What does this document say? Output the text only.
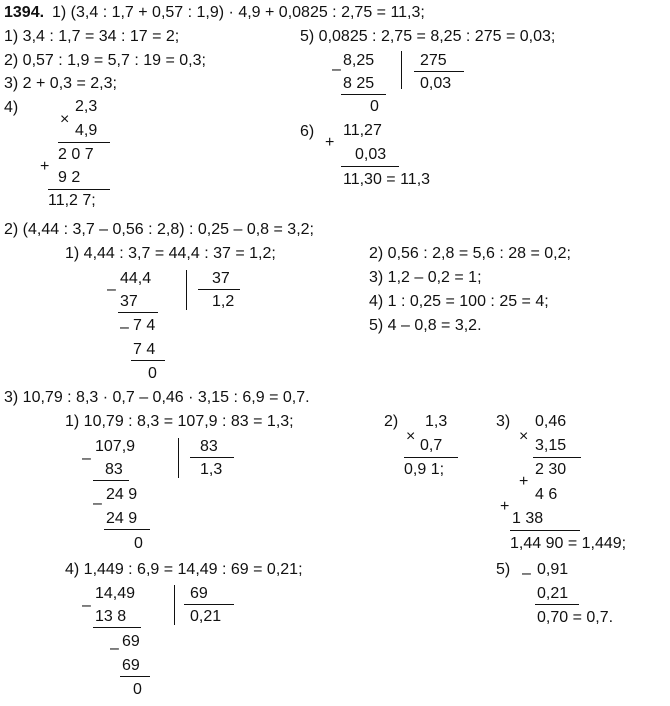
1394. 1) (3,4 : 1,7 + 0,57 : 1,9) · 4,9 + 0,0825 : 2,75 = 11,3;
1) 3,4 : 1,7 = 34 : 17 = 2;
2) 0,57 : 1,9 = 5,7 : 19 = 0,3;
3) 2 + 0,3 = 2,3;
4)
×
2,3
4,9
2 0 7
+
9 2
11,2 7;
5) 0,0825 : 2,75 = 8,25 : 275 = 0,03;
–
8,25	275
8 25	0,03
0
6)
+
11,27
0,03
11,30 = 11,3
2) (4,44 : 3,7 – 0,56 : 2,8) : 0,25 – 0,8 = 3,2;
1) 4,44 : 3,7 = 44,4 : 37 = 1,2;
–
44,4	37
37	1,2
– 7 4
7 4
0
2) 0,56 : 2,8 = 5,6 : 28 = 0,2;
3) 1,2 – 0,2 = 1;
4) 1 : 0,25 = 100 : 25 = 4;
5) 4 – 0,8 = 3,2.
3) 10,79 : 8,3 · 0,7 – 0,46 · 3,15 : 6,9 = 0,7.
1) 10,79 : 8,3 = 107,9 : 83 = 1,3;
–
107,9	83
83	1,3
–
24 9
24 9
0
2)
×
1,3
0,7
0,9 1;
3)
×
0,46
3,15
2 30
+
4 6
+
1 38
1,44 90 = 1,449;
4) 1,449 : 6,9 = 14,49 : 69 = 0,21;
–
14,49	69
13 8	0,21
– 69
69
0
5) – 0,91
0,21
0,70 = 0,7.
